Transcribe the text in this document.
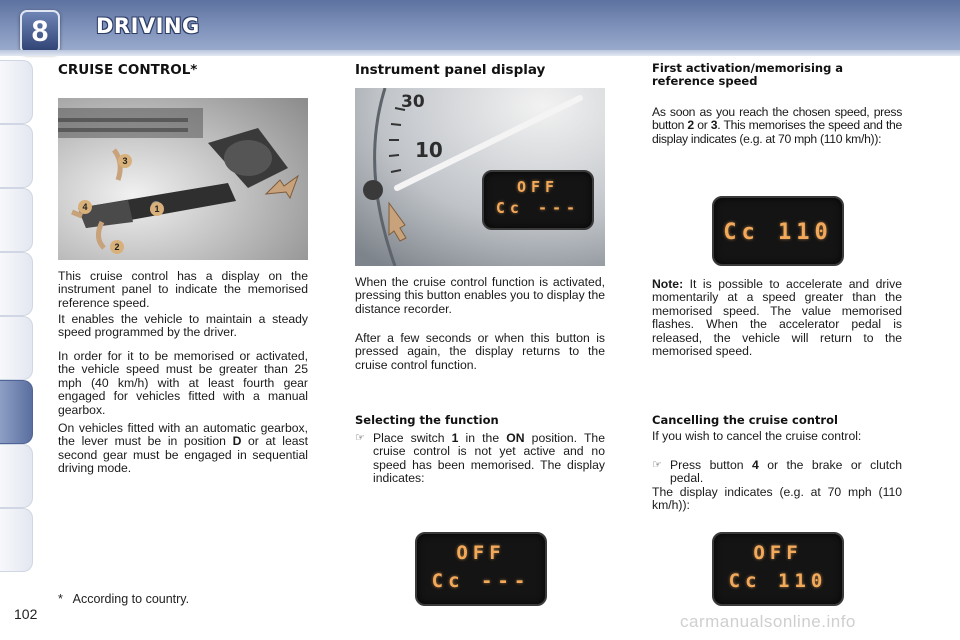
8	DRIVING
CRUISE CONTROL*
3
4	1
2

This cruise control has a display on the instrument panel to indicate the memorised reference speed.

It enables the vehicle to maintain a steady speed programmed by the driver.

In order for it to be memorised or activated, the vehicle speed must be greater than 25 mph (40 km/h) with at least fourth gear engaged for vehicles fitted with a manual gearbox.

On vehicles fitted with an automatic gearbox, the lever must be in position D or at least second gear must be engaged in sequential driving mode.

Instrument panel display
30
10
OFF
Cc ---

When the cruise control function is activated, pressing this button enables you to display the distance recorder.

After a few seconds or when this button is pressed again, the display returns to the cruise control function.

Selecting the function
☞ Place switch 1 in the ON position. The cruise control is not yet active and no speed has been memorised. The display indicates:
OFF
Cc ---
First activation/memorising a reference speed

As soon as you reach the chosen speed, press button 2 or 3. This memorises the speed and the display indicates (e.g. at 70 mph (110 km/h)):

Cc 110

Note: It is possible to accelerate and drive momentarily at a speed greater than the memorised speed. The value memorised flashes. When the accelerator pedal is released, the vehicle will return to the memorised speed.

Cancelling the cruise control

If you wish to cancel the cruise control:

☞ Press button 4 or the brake or clutch pedal.

The display indicates (e.g. at 70 mph (110 km/h)):

OFF
Cc 110
* According to country.
102	carmanualsonline.info
